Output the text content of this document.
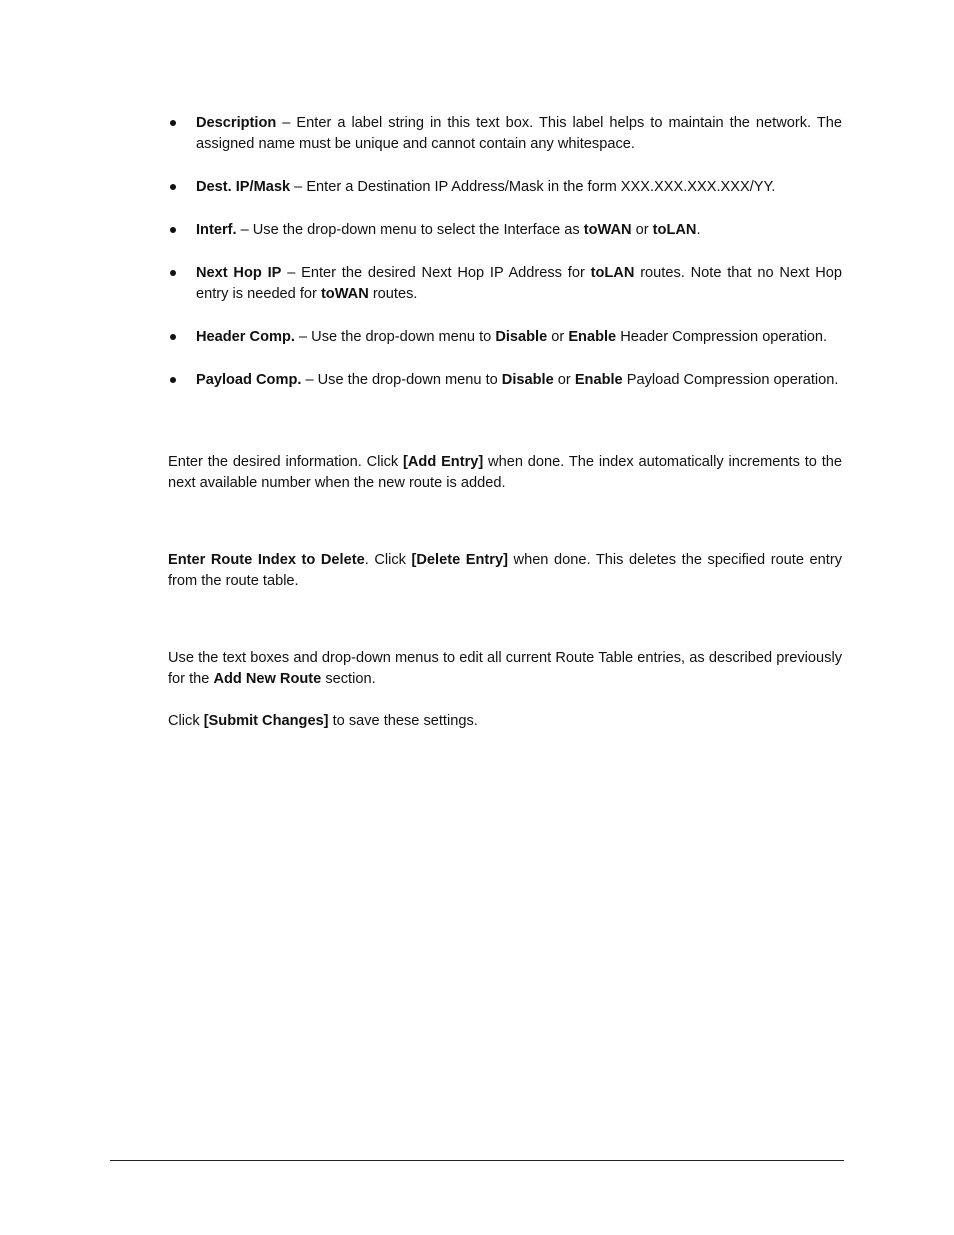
Description – Enter a label string in this text box. This label helps to maintain the network. The assigned name must be unique and cannot contain any whitespace.
Dest. IP/Mask – Enter a Destination IP Address/Mask in the form XXX.XXX.XXX.XXX/YY.
Interf. – Use the drop-down menu to select the Interface as toWAN or toLAN.
Next Hop IP – Enter the desired Next Hop IP Address for toLAN routes. Note that no Next Hop entry is needed for toWAN routes.
Header Comp. – Use the drop-down menu to Disable or Enable Header Compression operation.
Payload Comp. – Use the drop-down menu to Disable or Enable Payload Compression operation.

Enter the desired information. Click [Add Entry] when done. The index automatically increments to the next available number when the new route is added.

Enter Route Index to Delete. Click [Delete Entry] when done. This deletes the specified route entry from the route table.

Use the text boxes and drop-down menus to edit all current Route Table entries, as described previously for the Add New Route section.

Click [Submit Changes] to save these settings.
